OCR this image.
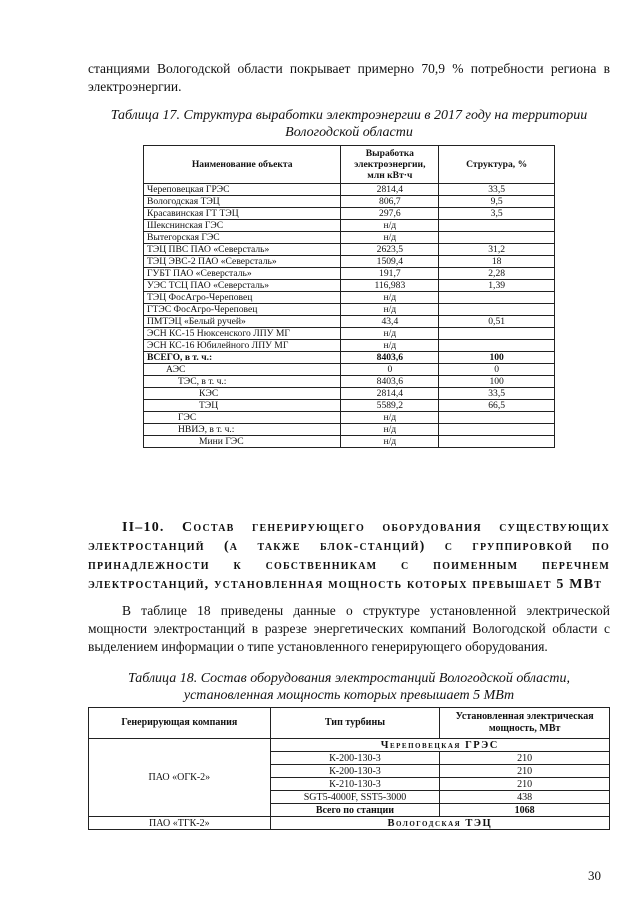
станциями Вологодской области покрывает примерно 70,9 % потребности региона в электроэнергии.

Таблица 17. Структура выработки электроэнергии в 2017 году на территории Вологодской области

Наименование объекта	Выработка электроэнергии, млн кВт·ч	Структура, %
Череповецкая ГРЭС	2814,4	33,5
Вологодская ТЭЦ	806,7	9,5
Красавинская ГТ ТЭЦ	297,6	3,5
Шекснинская ГЭС	н/д	
Вытегорская ГЭС	н/д	
ТЭЦ ПВС ПАО «Северсталь»	2623,5	31,2
ТЭЦ ЭВС-2 ПАО «Северсталь»	1509,4	18
ГУБТ ПАО «Северсталь»	191,7	2,28
УЭС ТСЦ ПАО «Северсталь»	116,983	1,39
ТЭЦ ФосАгро-Череповец	н/д	
ГТЭС ФосАгро-Череповец	н/д	
ПМТЭЦ «Белый ручей»	43,4	0,51
ЭСН КС-15 Нюксенского ЛПУ МГ	н/д	
ЭСН КС-16 Юбилейного ЛПУ МГ	н/д	
ВСЕГО, в т. ч.:	8403,6	100
АЭС	0	0
ТЭС, в т. ч.:	8403,6	100
КЭС	2814,4	33,5
ТЭЦ	5589,2	66,5
ГЭС	н/д	
НВИЭ, в т. ч.:	н/д	
Мини ГЭС	н/д	

II–10. Состав генерирующего оборудования существующих электростанций (а также блок-станций) с группировкой по принадлежности к собственникам с поименным перечнем электростанций, установленная мощность которых превышает 5 МВт

В таблице 18 приведены данные о структуре установленной электрической мощности электростанций в разрезе энергетических компаний Вологодской области с выделением информации о типе установленного генерирующего оборудования.

Таблица 18. Состав оборудования электростанций Вологодской области, установленная мощность которых превышает 5 МВт

Генерирующая компания	Тип турбины	Установленная электрическая мощность, МВт
ПАО «ОГК-2»	Череповецкая ГРЭС	
	К-200-130-3	210
	К-200-130-3	210
	К-210-130-3	210
	SGT5-4000F, SST5-3000	438
	Всего по станции	1068
ПАО «ТГК-2»	Вологодская ТЭЦ	
30
